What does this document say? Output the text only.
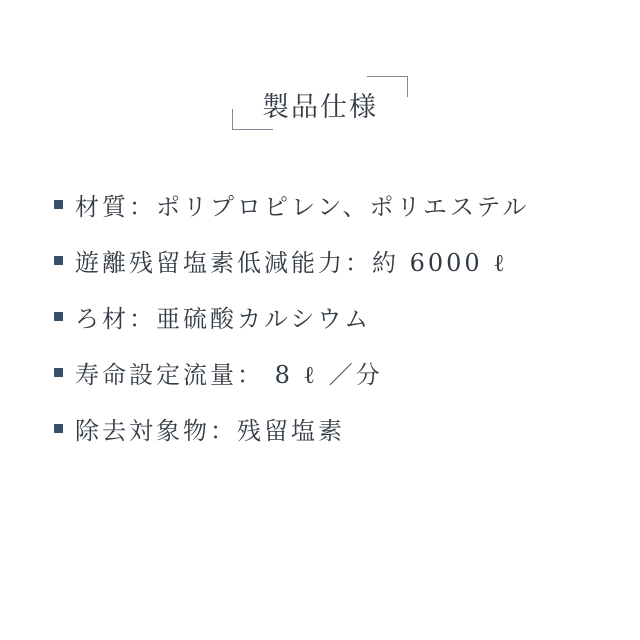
製品仕様
材質：ポリプロピレン、ポリエステル
遊離残留塩素低減能力：約 6000 ℓ
ろ材：亜硫酸カルシウム
寿命設定流量： 8 ℓ ／分
除去対象物：残留塩素
